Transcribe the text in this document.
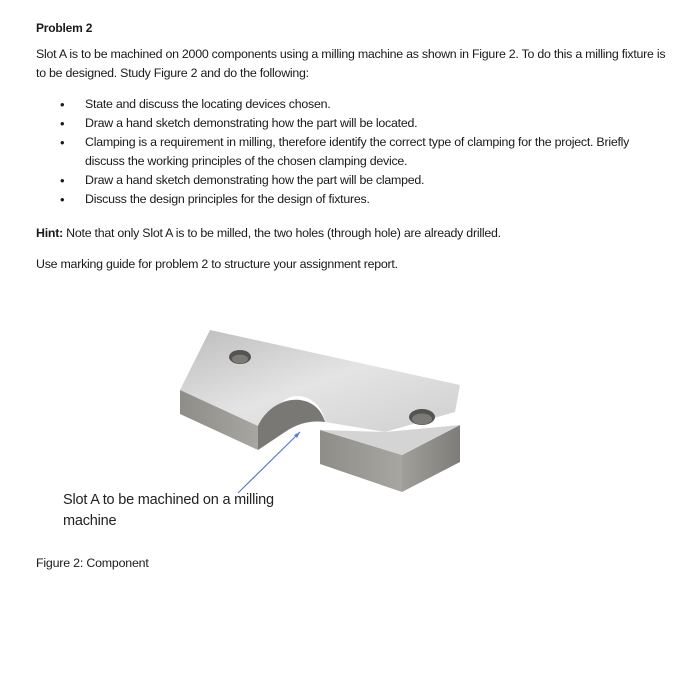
Problem 2
Slot A is to be machined on 2000 components using a milling machine as shown in Figure 2. To do this a milling fixture is to be designed. Study Figure 2 and do the following:
• State and discuss the locating devices chosen.
• Draw a hand sketch demonstrating how the part will be located.
• Clamping is a requirement in milling, therefore identify the correct type of clamping for the project. Briefly discuss the working principles of the chosen clamping device.
• Draw a hand sketch demonstrating how the part will be clamped.
• Discuss the design principles for the design of fixtures.
Hint: Note that only Slot A is to be milled, the two holes (through hole) are already drilled.
Use marking guide for problem 2 to structure your assignment report.
Slot A to be machined on a milling machine
Figure 2: Component
